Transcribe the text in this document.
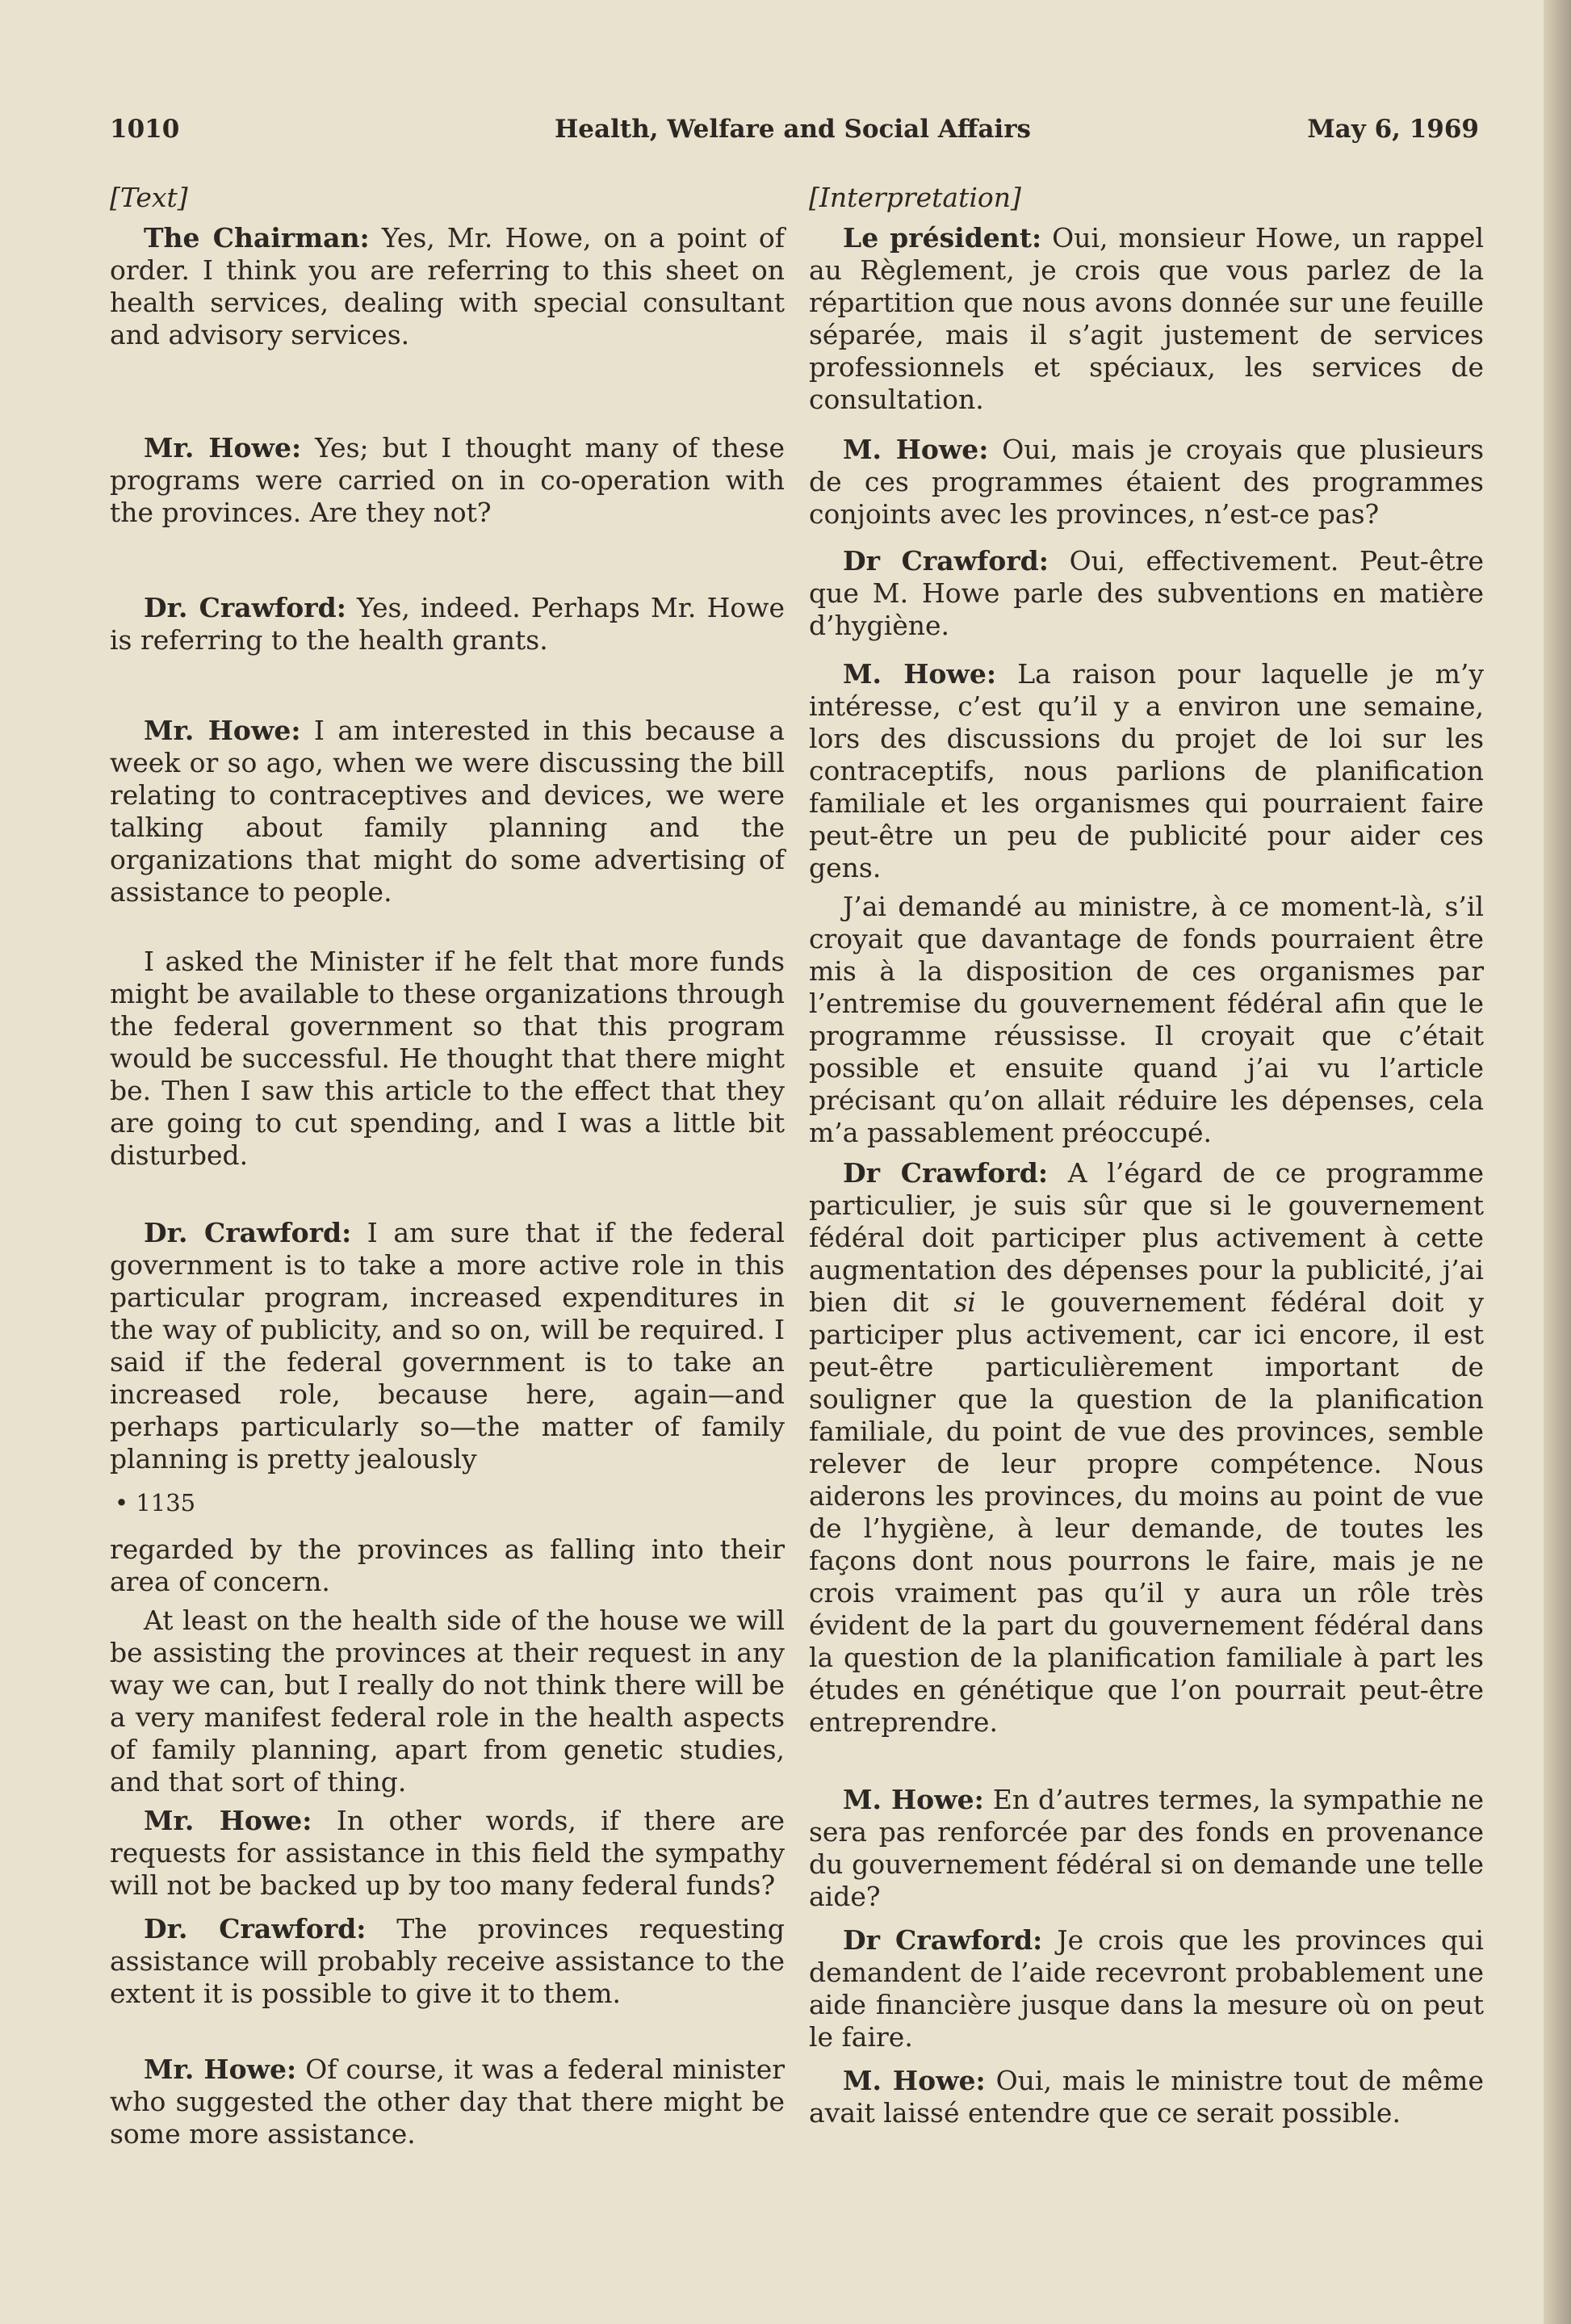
1010	Health, Welfare and Social Affairs	May 6, 1969
[Text]

The Chairman: Yes, Mr. Howe, on a point of order. I think you are referring to this sheet on health services, dealing with special consultant and advisory services.

Mr. Howe: Yes; but I thought many of these programs were carried on in co-operation with the provinces. Are they not?

Dr. Crawford: Yes, indeed. Perhaps Mr. Howe is referring to the health grants.

Mr. Howe: I am interested in this because a week or so ago, when we were discussing the bill relating to contraceptives and devices, we were talking about family planning and the organizations that might do some advertising of assistance to people.

I asked the Minister if he felt that more funds might be available to these organizations through the federal government so that this program would be successful. He thought that there might be. Then I saw this article to the effect that they are going to cut spending, and I was a little bit disturbed.

Dr. Crawford: I am sure that if the federal government is to take a more active role in this particular program, increased expenditures in the way of publicity, and so on, will be required. I said if the federal government is to take an increased role, because here, again—and perhaps particularly so—the matter of family planning is pretty jealously

• 1135

regarded by the provinces as falling into their area of concern.

At least on the health side of the house we will be assisting the provinces at their request in any way we can, but I really do not think there will be a very manifest federal role in the health aspects of family planning, apart from genetic studies, and that sort of thing.

Mr. Howe: In other words, if there are requests for assistance in this field the sympathy will not be backed up by too many federal funds?

Dr. Crawford: The provinces requesting assistance will probably receive assistance to the extent it is possible to give it to them.

Mr. Howe: Of course, it was a federal minister who suggested the other day that there might be some more assistance.

[Interpretation]

Le président: Oui, monsieur Howe, un rappel au Règlement, je crois que vous parlez de la répartition que nous avons donnée sur une feuille séparée, mais il s’agit justement de services professionnels et spéciaux, les services de consultation.

M. Howe: Oui, mais je croyais que plusieurs de ces programmes étaient des programmes conjoints avec les provinces, n’est-ce pas?

Dr Crawford: Oui, effectivement. Peut-être que M. Howe parle des subventions en matière d’hygiène.

M. Howe: La raison pour laquelle je m’y intéresse, c’est qu’il y a environ une semaine, lors des discussions du projet de loi sur les contraceptifs, nous parlions de planification familiale et les organismes qui pourraient faire peut-être un peu de publicité pour aider ces gens.

J’ai demandé au ministre, à ce moment-là, s’il croyait que davantage de fonds pourraient être mis à la disposition de ces organismes par l’entremise du gouvernement fédéral afin que le programme réussisse. Il croyait que c’était possible et ensuite quand j’ai vu l’article précisant qu’on allait réduire les dépenses, cela m’a passablement préoccupé.

Dr Crawford: A l’égard de ce programme particulier, je suis sûr que si le gouvernement fédéral doit participer plus activement à cette augmentation des dépenses pour la publicité, j’ai bien dit si le gouvernement fédéral doit y participer plus activement, car ici encore, il est peut-être particulièrement important de souligner que la question de la planification familiale, du point de vue des provinces, semble relever de leur propre compétence. Nous aiderons les provinces, du moins au point de vue de l’hygiène, à leur demande, de toutes les façons dont nous pourrons le faire, mais je ne crois vraiment pas qu’il y aura un rôle très évident de la part du gouvernement fédéral dans la question de la planification familiale à part les études en génétique que l’on pourrait peut-être entreprendre.

M. Howe: En d’autres termes, la sympathie ne sera pas renforcée par des fonds en provenance du gouvernement fédéral si on demande une telle aide?

Dr Crawford: Je crois que les provinces qui demandent de l’aide recevront probablement une aide financière jusque dans la mesure où on peut le faire.

M. Howe: Oui, mais le ministre tout de même avait laissé entendre que ce serait possible.
